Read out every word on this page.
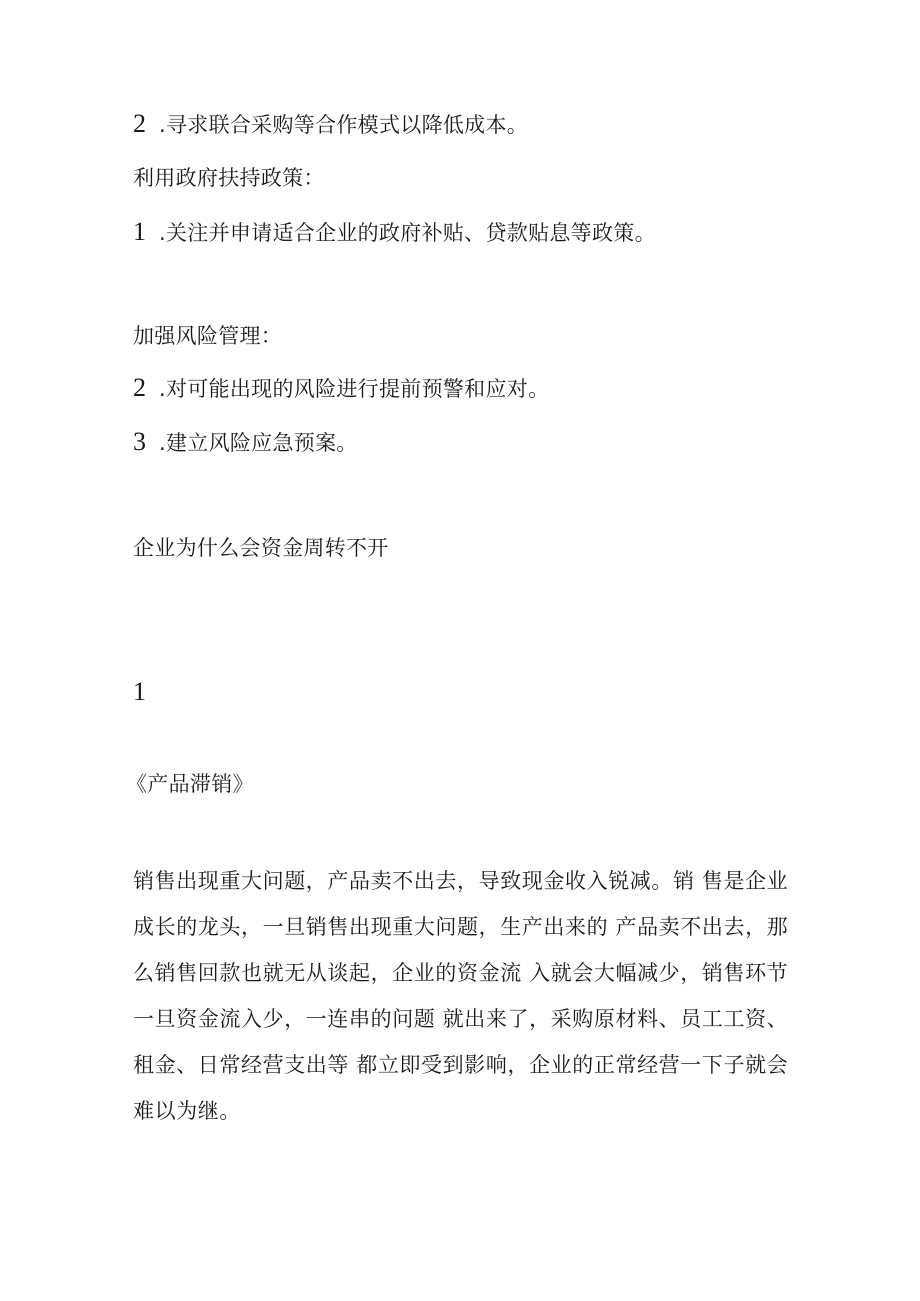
2 .寻求联合采购等合作模式以降低成本。
利用政府扶持政策：
1 .关注并申请适合企业的政府补贴、贷款贴息等政策。
加强风险管理：
2 .对可能出现的风险进行提前预警和应对。
3 .建立风险应急预案。
企业为什么会资金周转不开
1
《产品滞销》
销售出现重大问题，产品卖不出去，导致现金收入锐减。销 售是企业
成长的龙头，一旦销售出现重大问题，生产出来的 产品卖不出去，那
么销售回款也就无从谈起，企业的资金流 入就会大幅减少，销售环节
一旦资金流入少，一连串的问题 就出来了，采购原材料、员工工资、
租金、日常经营支出等 都立即受到影响，企业的正常经营一下子就会
难以为继。
